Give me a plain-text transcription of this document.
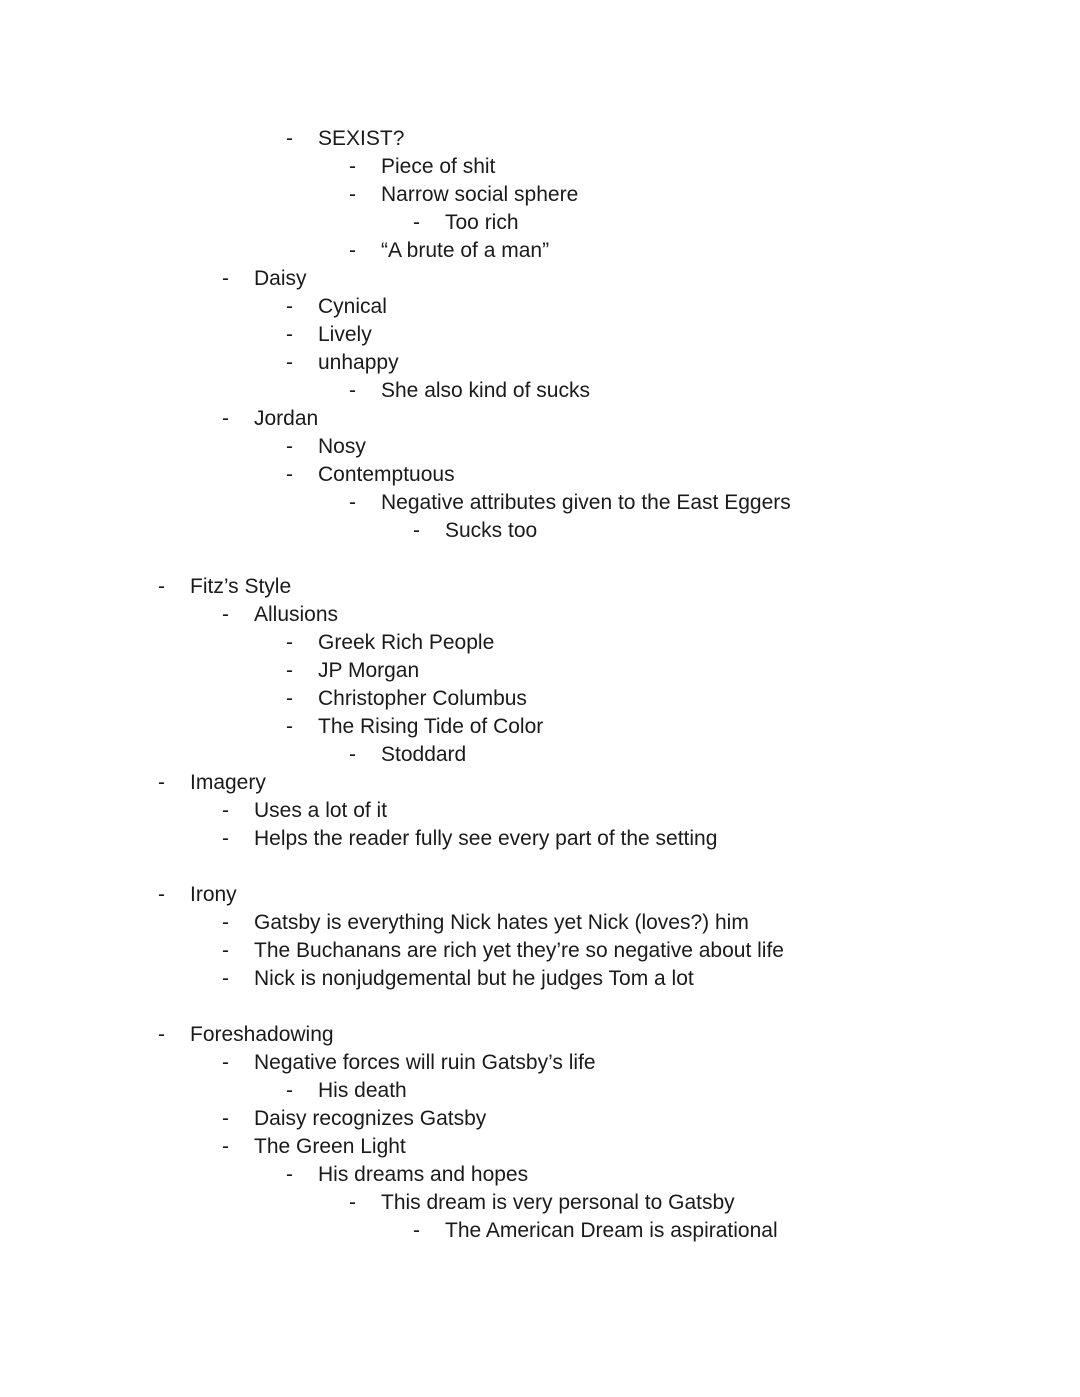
- SEXIST?
- Piece of shit
- Narrow social sphere
- Too rich
- “A brute of a man”
- Daisy
- Cynical
- Lively
- unhappy
- She also kind of sucks
- Jordan
- Nosy
- Contemptuous
- Negative attributes given to the East Eggers
- Sucks too
- Fitz’s Style
- Allusions
- Greek Rich People
- JP Morgan
- Christopher Columbus
- The Rising Tide of Color
- Stoddard
- Imagery
- Uses a lot of it
- Helps the reader fully see every part of the setting
- Irony
- Gatsby is everything Nick hates yet Nick (loves?) him
- The Buchanans are rich yet they’re so negative about life
- Nick is nonjudgemental but he judges Tom a lot
- Foreshadowing
- Negative forces will ruin Gatsby’s life
- His death
- Daisy recognizes Gatsby
- The Green Light
- His dreams and hopes
- This dream is very personal to Gatsby
- The American Dream is aspirational
